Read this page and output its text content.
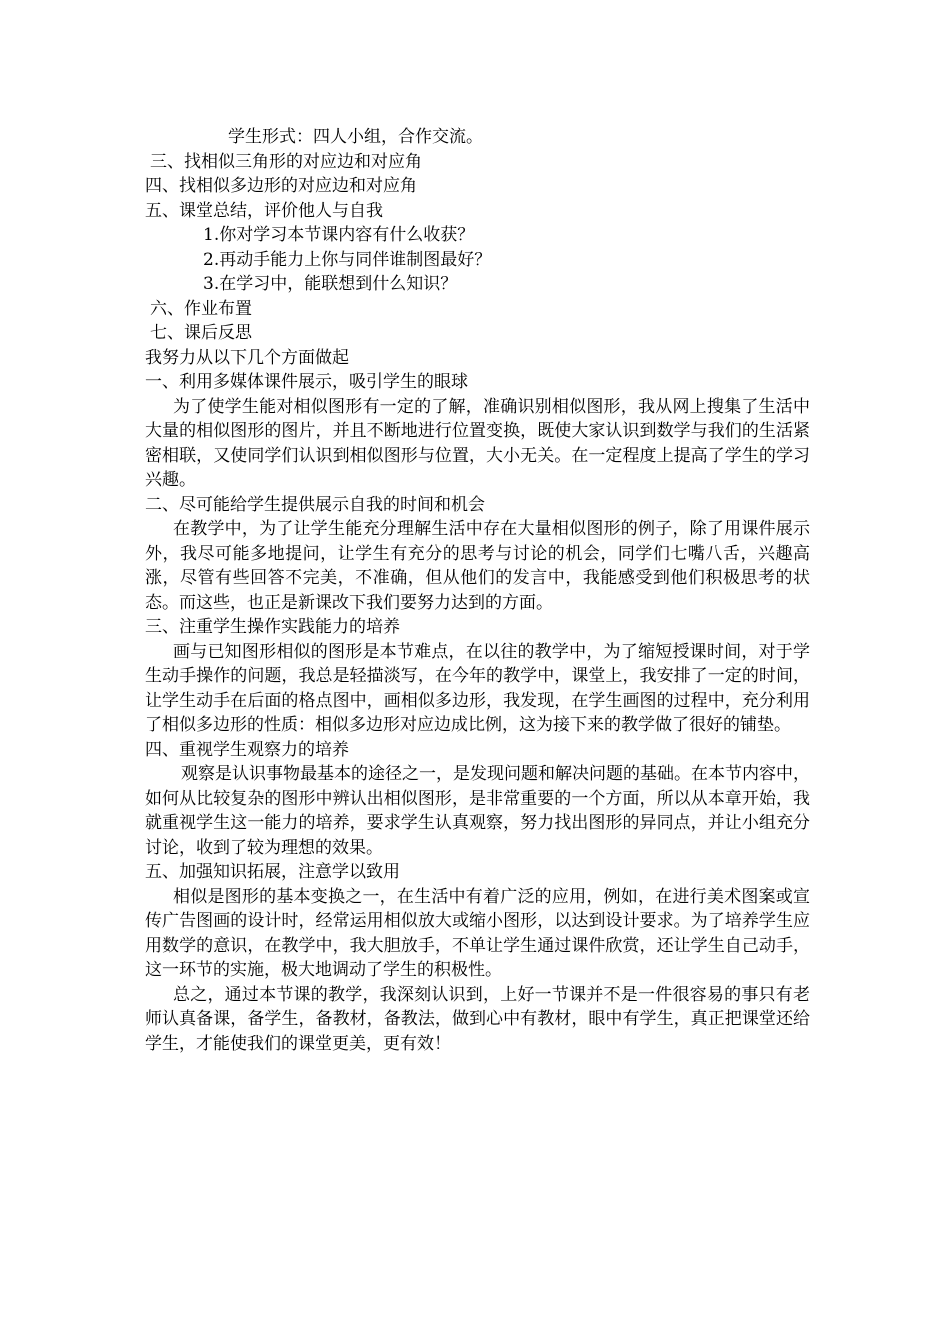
学生形式：四人小组，合作交流。

三、找相似三角形的对应边和对应角

四、找相似多边形的对应边和对应角

五、课堂总结，评价他人与自我

1.你对学习本节课内容有什么收获？

2.再动手能力上你与同伴谁制图最好？

3.在学习中，能联想到什么知识？

六、作业布置

七、课后反思

我努力从以下几个方面做起

一、利用多媒体课件展示，吸引学生的眼球

为了使学生能对相似图形有一定的了解，准确识别相似图形，我从网上搜集了生活中大量的相似图形的图片，并且不断地进行位置变换，既使大家认识到数学与我们的生活紧密相联，又使同学们认识到相似图形与位置，大小无关。在一定程度上提高了学生的学习兴趣。

二、尽可能给学生提供展示自我的时间和机会

在教学中，为了让学生能充分理解生活中存在大量相似图形的例子，除了用课件展示外，我尽可能多地提问，让学生有充分的思考与讨论的机会，同学们七嘴八舌，兴趣高涨，尽管有些回答不完美，不准确，但从他们的发言中，我能感受到他们积极思考的状态。而这些，也正是新课改下我们要努力达到的方面。

三、注重学生操作实践能力的培养

画与已知图形相似的图形是本节难点，在以往的教学中，为了缩短授课时间，对于学生动手操作的问题，我总是轻描淡写，在今年的教学中，课堂上，我安排了一定的时间，让学生动手在后面的格点图中，画相似多边形，我发现，在学生画图的过程中，充分利用了相似多边形的性质：相似多边形对应边成比例，这为接下来的教学做了很好的铺垫。

四、重视学生观察力的培养

观察是认识事物最基本的途径之一，是发现问题和解决问题的基础。在本节内容中，如何从比较复杂的图形中辨认出相似图形，是非常重要的一个方面，所以从本章开始，我就重视学生这一能力的培养，要求学生认真观察，努力找出图形的异同点，并让小组充分讨论，收到了较为理想的效果。

五、加强知识拓展，注意学以致用

相似是图形的基本变换之一，在生活中有着广泛的应用，例如，在进行美术图案或宣传广告图画的设计时，经常运用相似放大或缩小图形，以达到设计要求。为了培养学生应用数学的意识，在教学中，我大胆放手，不单让学生通过课件欣赏，还让学生自己动手，这一环节的实施，极大地调动了学生的积极性。

总之，通过本节课的教学，我深刻认识到，上好一节课并不是一件很容易的事只有老师认真备课，备学生，备教材，备教法，做到心中有教材，眼中有学生，真正把课堂还给学生，才能使我们的课堂更美，更有效！
